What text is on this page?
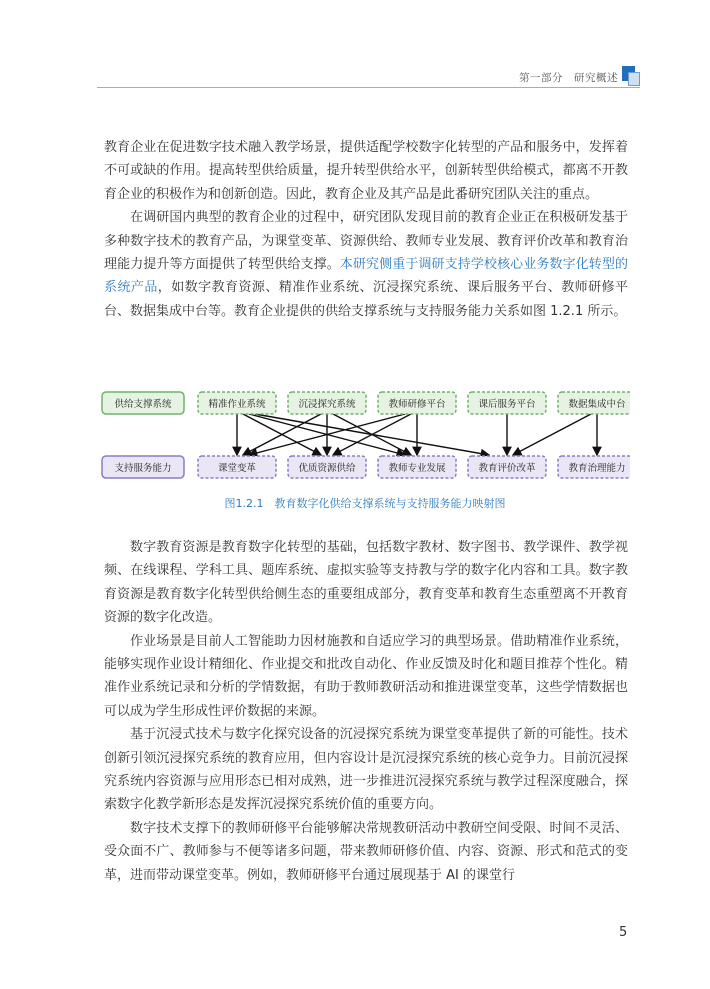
第一部分　 研究概述

教育企业在促进数字技术融入教学场景，提供适配学校数字化转型的产品和服务中，发挥着不可或缺的作用。提高转型供给质量，提升转型供给水平，创新转型供给模式，都离不开教育企业的积极作为和创新创造。因此，教育企业及其产品是此番研究团队关注的重点。

在调研国内典型的教育企业的过程中，研究团队发现目前的教育企业正在积极研发基于多种数字技术的教育产品，为课堂变革、资源供给、教师专业发展、教育评价改革和教育治理能力提升等方面提供了转型供给支撑。本研究侧重于调研支持学校核心业务数字化转型的系统产品，如数字教育资源、精准作业系统、沉浸探究系统、课后服务平台、教师研修平台、数据集成中台等。教育企业提供的供给支撑系统与支持服务能力关系如图 1.2.1 所示。

供给支撑系统
支持服务能力
精准作业系统	沉浸探究系统	教师研修平台	课后服务平台	数据集成中台
课堂变革	优质资源供给	教师专业发展	教育评价改革	教育治理能力
图1.2.1　教育数字化供给支撑系统与支持服务能力映射图

数字教育资源是教育数字化转型的基础，包括数字教材、数字图书、教学课件、教学视频、在线课程、学科工具、题库系统、虚拟实验等支持教与学的数字化内容和工具。数字教育资源是教育数字化转型供给侧生态的重要组成部分，教育变革和教育生态重塑离不开教育资源的数字化改造。

作业场景是目前人工智能助力因材施教和自适应学习的典型场景。借助精准作业系统，能够实现作业设计精细化、作业提交和批改自动化、作业反馈及时化和题目推荐个性化。精准作业系统记录和分析的学情数据，有助于教师教研活动和推进课堂变革，这些学情数据也可以成为学生形成性评价数据的来源。

基于沉浸式技术与数字化探究设备的沉浸探究系统为课堂变革提供了新的可能性。技术创新引领沉浸探究系统的教育应用，但内容设计是沉浸探究系统的核心竞争力。目前沉浸探究系统内容资源与应用形态已相对成熟，进一步推进沉浸探究系统与教学过程深度融合，探索数字化教学新形态是发挥沉浸探究系统价值的重要方向。

数字技术支撑下的教师研修平台能够解决常规教研活动中教研空间受限、时间不灵活、受众面不广、教师参与不便等诸多问题，带来教师研修价值、内容、资源、形式和范式的变革，进而带动课堂变革。例如，教师研修平台通过展现基于 AI 的课堂行

5
